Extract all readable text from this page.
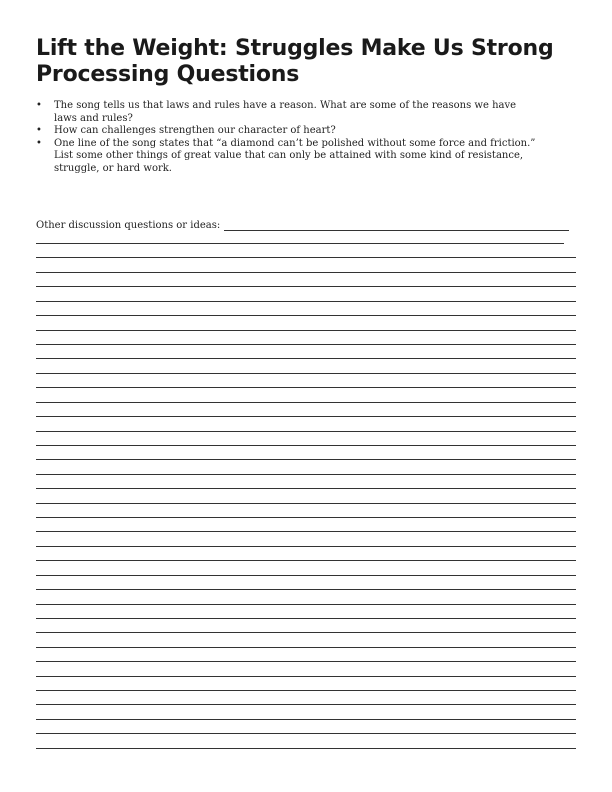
Lift the Weight: Struggles Make Us Strong
Processing Questions
• The song tells us that laws and rules have a reason. What are some of the reasons we have
laws and rules?
• How can challenges strengthen our character of heart?
• One line of the song states that “a diamond can’t be polished without some force and friction.”
List some other things of great value that can only be attained with some kind of resistance,
struggle, or hard work.
Other discussion questions or ideas:
